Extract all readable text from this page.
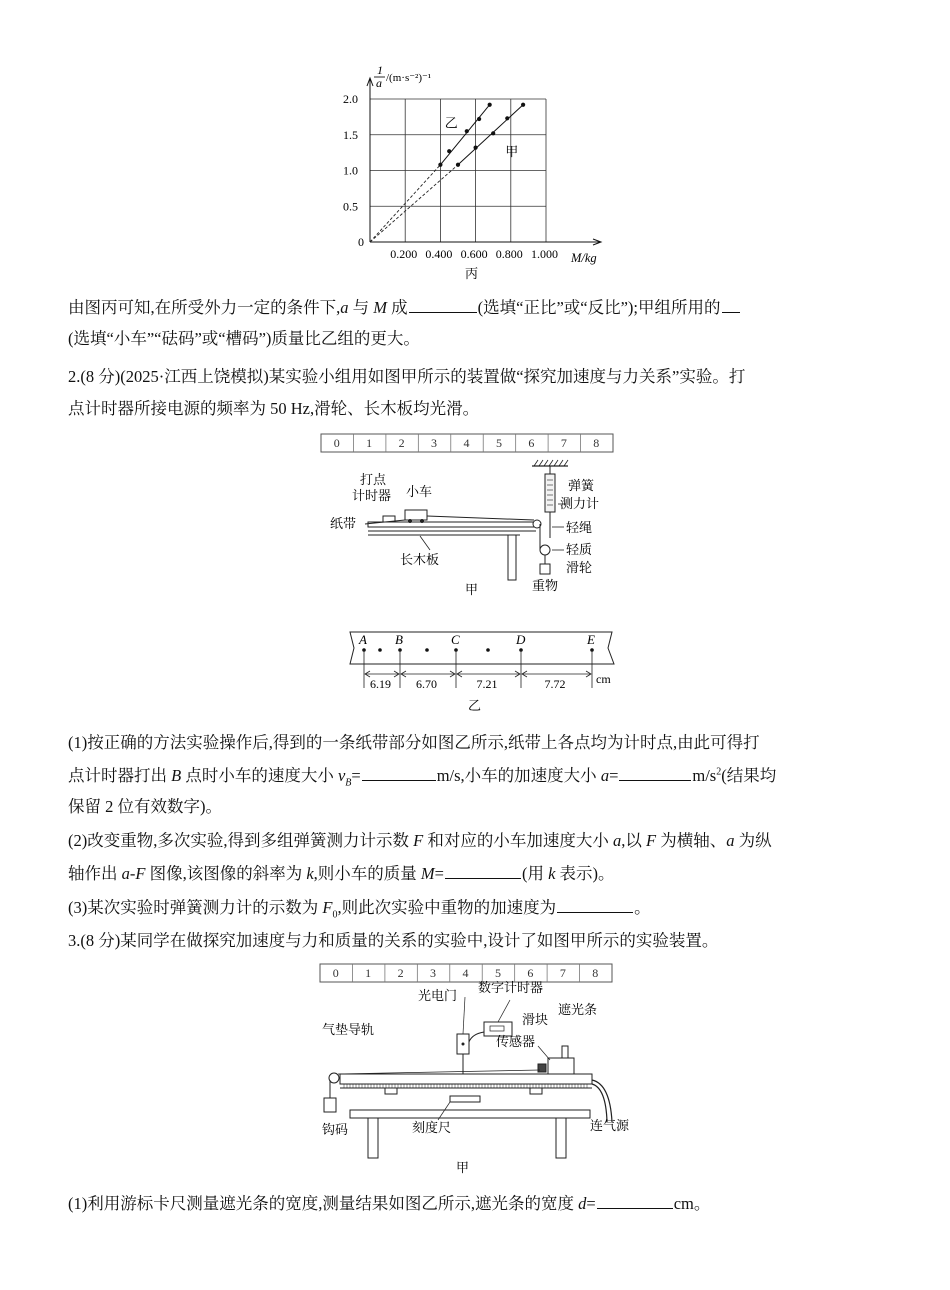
0.200 0.400 0.600 0.800 1.000
0
0.5
1.0
1.5
2.0
乙
甲
1
a /(m·s⁻²)⁻¹
M/kg
丙
由图丙可知,在所受外力一定的条件下,a 与 M 成	(选填“正比”或“反比”);甲组所用的
(选填“小车”“砝码”或“槽码”)质量比乙组的更大。
2.(8 分)(2025·江西上饶模拟)某实验小组用如图甲所示的装置做“探究加速度与力关系”实验。打
点计时器所接电源的频率为 50 Hz,滑轮、长木板均光滑。
0 1 2 3 4 5 6 7 8
打点
计时器 小车
纸带
长木板
弹簧
测力计
轻绳
轻质
滑轮
重物
甲
A B	C	D	E
6.19 6.70	7.21	7.72	cm
乙
(1)按正确的方法实验操作后,得到的一条纸带部分如图乙所示,纸带上各点均为计时点,由此可得打
点计时器打出 B 点时小车的速度大小 $v_B=$	m/s,小车的加速度大小 a=	$m/s^2$(结果均
保留 2 位有效数字)。
(2)改变重物,多次实验,得到多组弹簧测力计示数 F 和对应的小车加速度大小 a,以 F 为横轴、a 为纵
轴作出 a-F 图像,该图像的斜率为 k,则小车的质量 M=	(用 k 表示)。
(3)某次实验时弹簧测力计的示数为 $F_0$,则此次实验中重物的加速度为	。
3.(8 分)某同学在做探究加速度与力和质量的关系的实验中,设计了如图甲所示的实验装置。
0 1 2 3 4 5 6 7 8
光电门
数字计时器
滑块
遮光条
传感器
气垫导轨
钩码	刻度尺	连气源
甲
(1)利用游标卡尺测量遮光条的宽度,测量结果如图乙所示,遮光条的宽度 d=	cm。
